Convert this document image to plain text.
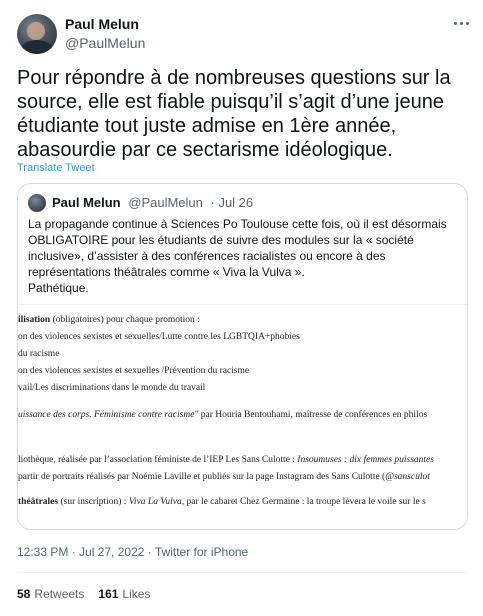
Paul Melun
@PaulMelun
Pour répondre à de nombreuses questions sur la source, elle est fiable puisqu’il s’agit d’une jeune étudiante tout juste admise en 1ère année, abasourdie par ce sectarisme idéologique.
Translate Tweet
Paul Melun @PaulMelun · Jul 26

La propagande continue à Sciences Po Toulouse cette fois, où il est désormais OBLIGATOIRE pour les étudiants de suivre des modules sur la « société inclusive», d’assister à des conférences racialistes ou encore à des représentations théâtrales comme « Viva la Vulva ».

Pathétique.

ilisation (obligatoires) pour chaque promotion :
on des violences sexistes et sexuelles/Lutte contre les LGBTQIA+phobies
du racisme
on des violences sexistes et sexuelles /Prévention du racisme
vail/Les discriminations dans le monde du travail
uissance des corps. Féminisme contre racisme" par Houria Bentouhami, maîtresse de conférences en philos
liothèque, réalisée par l’association féministe de l’IEP Les Sans Culotte : Insoumuses : dix femmes puissantes
partir de portraits réalisés par Noémie Laville et publiés sur la page Instagram des Sans Culotte (@sansculot
théâtrales (sur inscription) : Viva La Vulva, par le cabaret Chez Germaine : la troupe lèvera le voile sur le s
12:33 PM · Jul 27, 2022 · Twitter for iPhone
58 Retweets 161 Likes
